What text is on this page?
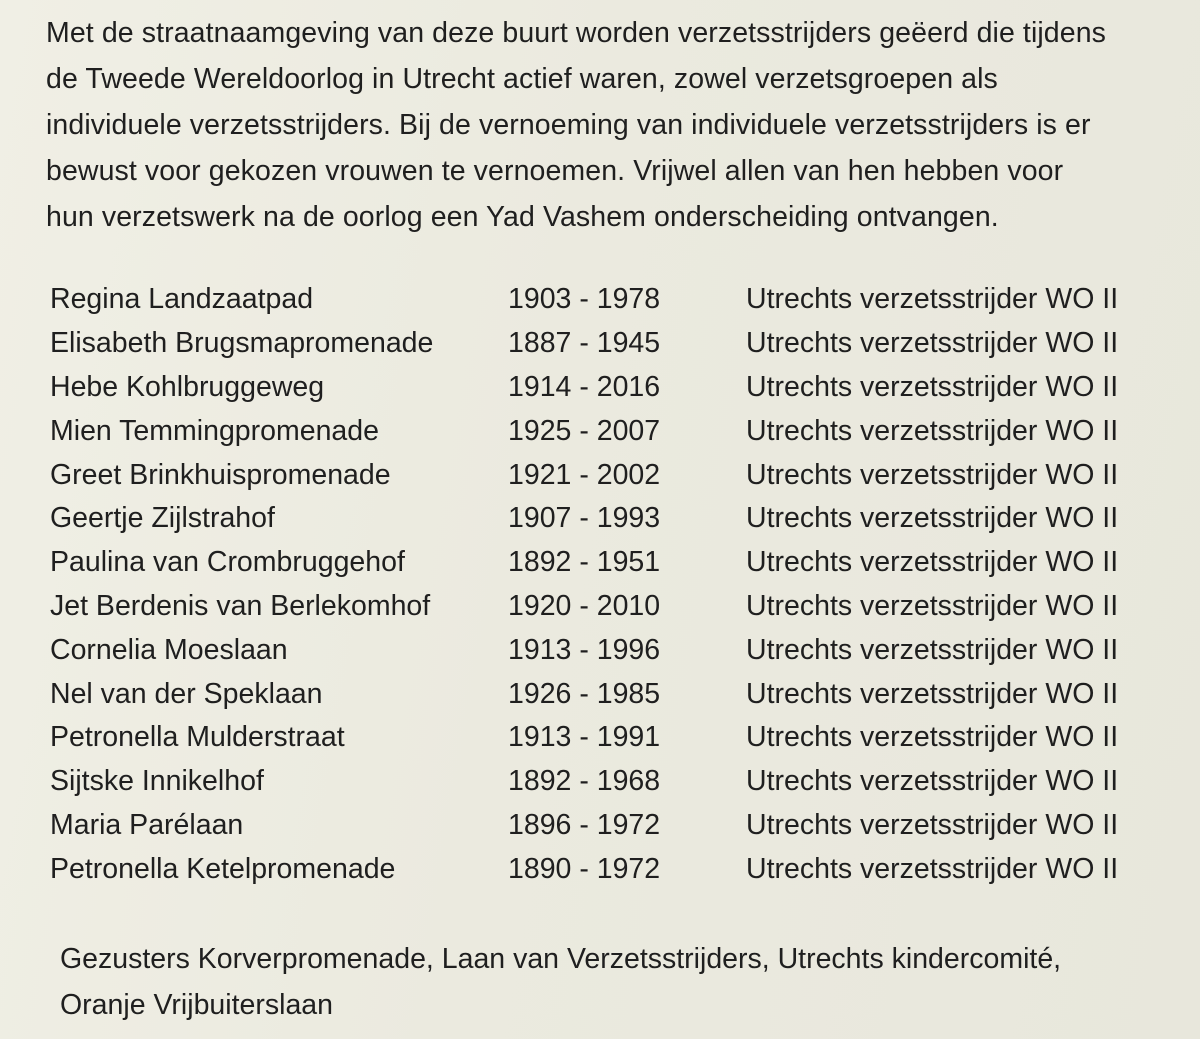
Met de straatnaamgeving van deze buurt worden verzetsstrijders geëerd die tijdens
de Tweede Wereldoorlog in Utrecht actief waren, zowel verzetsgroepen als
individuele verzetsstrijders. Bij de vernoeming van individuele verzetsstrijders is er
bewust voor gekozen vrouwen te vernoemen. Vrijwel allen van hen hebben voor
hun verzetswerk na de oorlog een Yad Vashem onderscheiding ontvangen.

Regina Landzaatpad	1903 - 1978	Utrechts verzetsstrijder WO II
Elisabeth Brugsmapromenade	1887 - 1945	Utrechts verzetsstrijder WO II
Hebe Kohlbruggeweg	1914 - 2016	Utrechts verzetsstrijder WO II
Mien Temmingpromenade	1925 - 2007	Utrechts verzetsstrijder WO II
Greet Brinkhuispromenade	1921 - 2002	Utrechts verzetsstrijder WO II
Geertje Zijlstrahof	1907 - 1993	Utrechts verzetsstrijder WO II
Paulina van Crombruggehof	1892 - 1951	Utrechts verzetsstrijder WO II
Jet Berdenis van Berlekomhof	1920 - 2010	Utrechts verzetsstrijder WO II
Cornelia Moeslaan	1913 - 1996	Utrechts verzetsstrijder WO II
Nel van der Speklaan	1926 - 1985	Utrechts verzetsstrijder WO II
Petronella Mulderstraat	1913 - 1991	Utrechts verzetsstrijder WO II
Sijtske Innikelhof	1892 - 1968	Utrechts verzetsstrijder WO II
Maria Parélaan	1896 - 1972	Utrechts verzetsstrijder WO II
Petronella Ketelpromenade	1890 - 1972	Utrechts verzetsstrijder WO II

Gezusters Korverpromenade, Laan van Verzetsstrijders, Utrechts kindercomité,
Oranje Vrijbuiterslaan
